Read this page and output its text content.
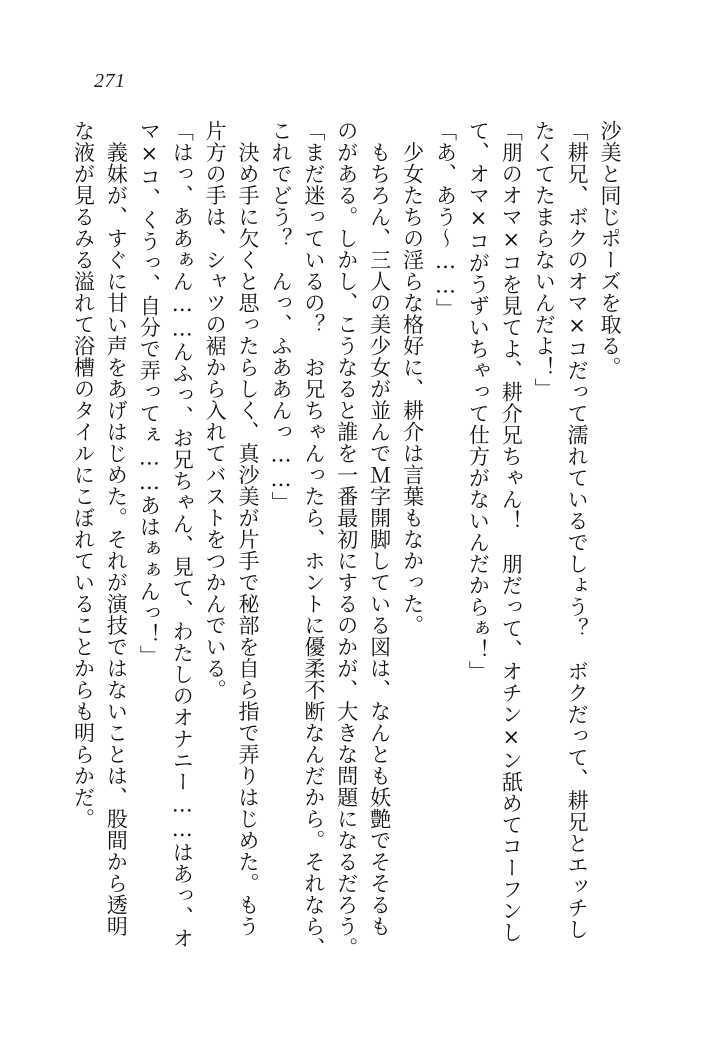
271

沙美と同じポーズを取る。

「耕兄、ボクのオマ×コだって濡れているでしょう？　ボクだって、耕兄とエッチし

たくてたまらないんだよ！」

「朋のオマ×コを見てよ、耕介兄ちゃん！　朋だって、オチン×ン舐めてコーフンし

て、オマ×コがうずいちゃって仕方がないんだからぁ！」

「あ、あう〜……」

　少女たちの淫らな格好に、耕介は言葉もなかった。

　もちろん、三人の美少女が並んでＭ字開脚している図は、なんとも妖艶でそそるも

のがある。しかし、こうなると誰を一番最初にするのかが、大きな問題になるだろう。

「まだ迷っているの？　お兄ちゃんったら、ホントに優柔不断なんだから。それなら、

これでどう？　んっ、ふああんっ……」

　決め手に欠くと思ったらしく、真沙美が片手で秘部を自ら指で弄りはじめた。もう

片方の手は、シャツの裾から入れてバストをつかんでいる。

「はっ、ああぁん……んふっ、お兄ちゃん、見て、わたしのオナニー……はあっ、オ

マ×コ、くうっ、自分で弄ってぇ……あはぁぁんっ！」

　義妹が、すぐに甘い声をあげはじめた。それが演技ではないことは、股間から透明

な液が見るみる溢れて浴槽のタイルにこぼれていることからも明らかだ。
